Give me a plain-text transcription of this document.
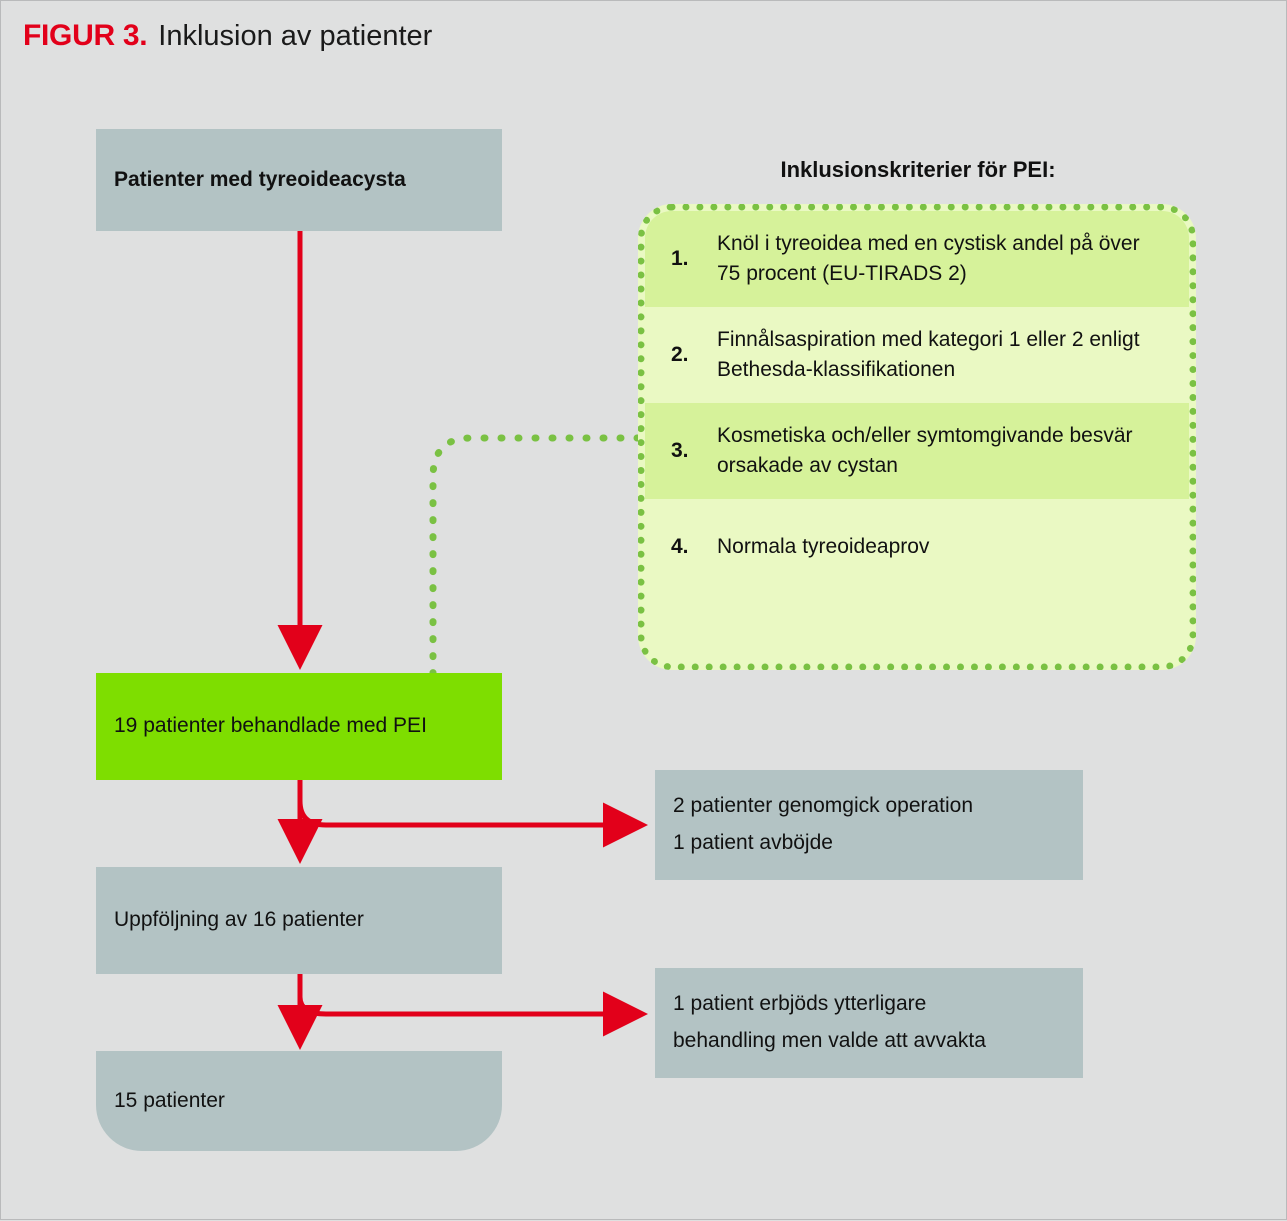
FIGUR 3. Inklusion av patienter
Patienter med tyreoideacysta
19 patienter behandlade med PEI
Uppföljning av 16 patienter
15 patienter
2 patienter genomgick operation
1 patient avböjde
1 patient erbjöds ytterligare
behandling men valde att avvakta
Inklusionskriterier för PEI:
1.
Knöl i tyreoidea med en cystisk andel på över 75 procent (EU-TIRADS 2)
2.
Finnålsaspiration med kategori 1 eller 2 enligt Bethesda-klassifikationen
3.
Kosmetiska och/eller symtomgivande besvär orsakade av cystan
4.	Normala tyreoideaprov
